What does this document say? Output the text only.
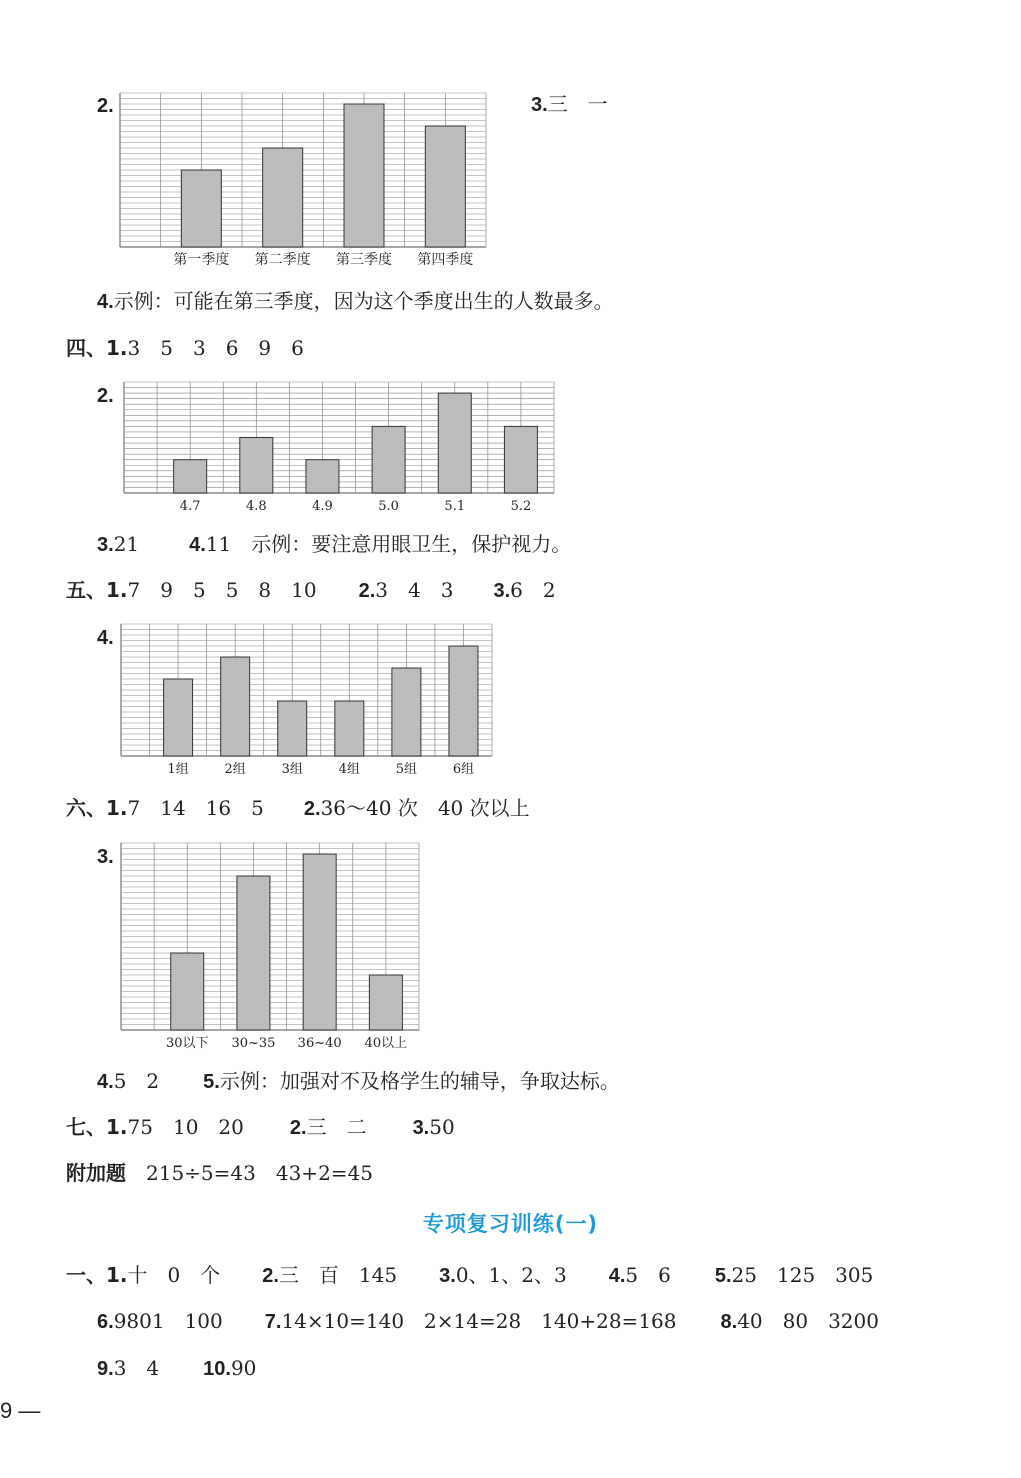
2.
第一季度 第二季度 第三季度 第四季度
3.三　一
4.示例：可能在第三季度，因为这个季度出生的人数最多。
四、1.3　5　3　6　9　6
2.
4.7	4.8	4.9	5.0	5.1	5.2
3.21	4.11　示例：要注意用眼卫生，保护视力。
五、1.7　9　5　5　8　10 2.3　4　3 3.6　2
4.
1组	2组	3组	4组	5组	6组
六、1.7　14　16　5 2.36～40 次　40 次以上
3.
30以下 30~35 36~40 40以上
4.5　2 5.示例：加强对不及格学生的辅导，争取达标。
七、1.75　10　20 2.三　二 3.50
附加题 215÷5=43　43+2=45
专项复习训练(一)
一、1.十　0　个 2.三　百　145 3.0、1、2、3 4.5　6 5.25　125　305
6.9801　100 7.14×10=140　2×14=28　140+28=168 8.40　80　3200
9.3　4 10.90
9 —
